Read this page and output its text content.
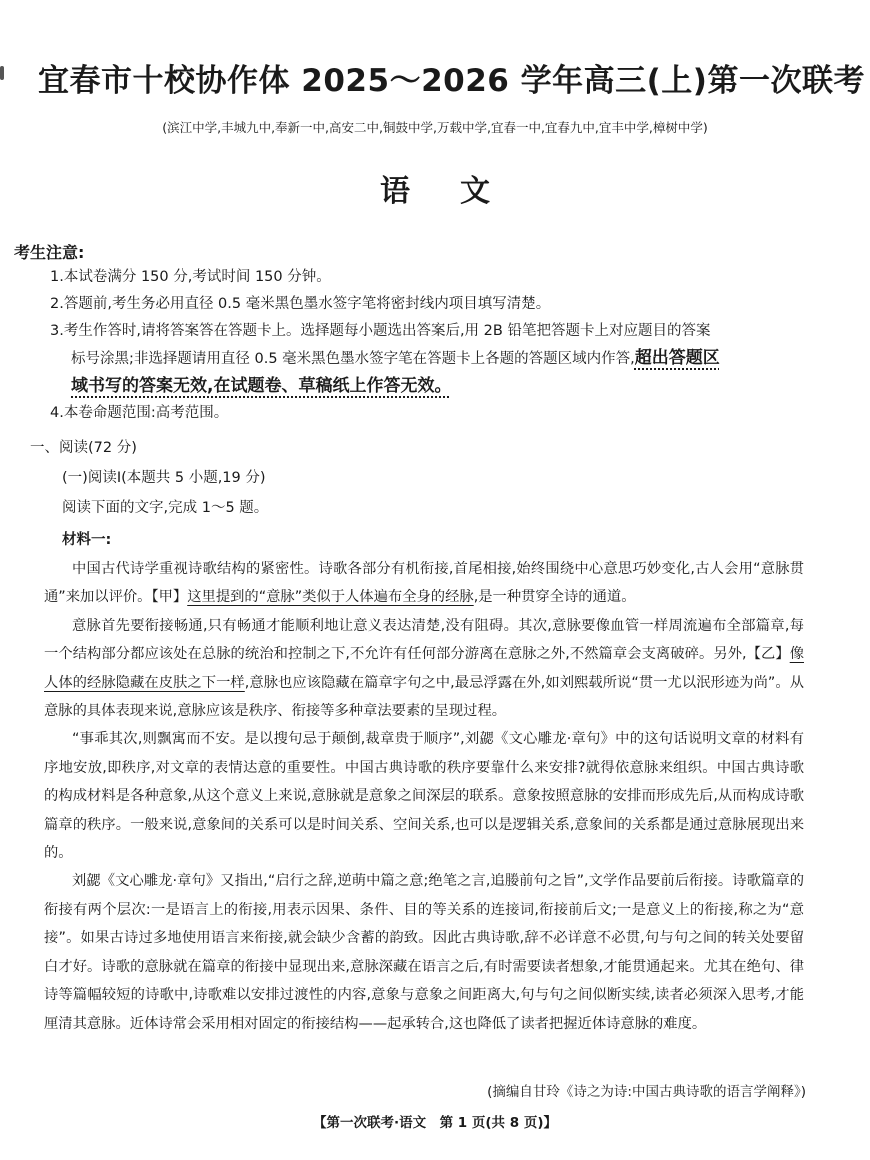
宜春市十校协作体 2025～2026 学年高三(上)第一次联考
(滨江中学,丰城九中,奉新一中,高安二中,铜鼓中学,万载中学,宜春一中,宜春九中,宜丰中学,樟树中学)
语文
考生注意:

1.本试卷满分 150 分,考试时间 150 分钟。

2.答题前,考生务必用直径 0.5 毫米黑色墨水签字笔将密封线内项目填写清楚。

3.考生作答时,请将答案答在答题卡上。选择题每小题选出答案后,用 2B 铅笔把答题卡上对应题目的答案

标号涂黑;非选择题请用直径 0.5 毫米黑色墨水签字笔在答题卡上各题的答题区域内作答,超出答题区

域书写的答案无效,在试题卷、草稿纸上作答无效。

4.本卷命题范围:高考范围。

一、阅读(72 分)
(一)阅读Ⅰ(本题共 5 小题,19 分)
阅读下面的文字,完成 1～5 题。
材料一:

中国古代诗学重视诗歌结构的紧密性。诗歌各部分有机衔接,首尾相接,始终围绕中心意思巧妙变化,古人会用“意脉贯通”来加以评价。【甲】这里提到的“意脉”类似于人体遍布全身的经脉,是一种贯穿全诗的通道。

意脉首先要衔接畅通,只有畅通才能顺利地让意义表达清楚,没有阻碍。其次,意脉要像血管一样周流遍布全部篇章,每一个结构部分都应该处在总脉的统治和控制之下,不允许有任何部分游离在意脉之外,不然篇章会支离破碎。另外,【乙】像人体的经脉隐藏在皮肤之下一样,意脉也应该隐藏在篇章字句之中,最忌浮露在外,如刘熙载所说“贯一尤以泯形迹为尚”。从意脉的具体表现来说,意脉应该是秩序、衔接等多种章法要素的呈现过程。

“事乖其次,则飘寓而不安。是以搜句忌于颠倒,裁章贵于顺序”,刘勰《文心雕龙·章句》中的这句话说明文章的材料有序地安放,即秩序,对文章的表情达意的重要性。中国古典诗歌的秩序要靠什么来安排?就得依意脉来组织。中国古典诗歌的构成材料是各种意象,从这个意义上来说,意脉就是意象之间深层的联系。意象按照意脉的安排而形成先后,从而构成诗歌篇章的秩序。一般来说,意象间的关系可以是时间关系、空间关系,也可以是逻辑关系,意象间的关系都是通过意脉展现出来的。

刘勰《文心雕龙·章句》又指出,“启行之辞,逆萌中篇之意;绝笔之言,追媵前句之旨”,文学作品要前后衔接。诗歌篇章的衔接有两个层次:一是语言上的衔接,用表示因果、条件、目的等关系的连接词,衔接前后文;一是意义上的衔接,称之为“意接”。如果古诗过多地使用语言来衔接,就会缺少含蓄的韵致。因此古典诗歌,辞不必详意不必贯,句与句之间的转关处要留白才好。诗歌的意脉就在篇章的衔接中显现出来,意脉深藏在语言之后,有时需要读者想象,才能贯通起来。尤其在绝句、律诗等篇幅较短的诗歌中,诗歌难以安排过渡性的内容,意象与意象之间距离大,句与句之间似断实续,读者必须深入思考,才能厘清其意脉。近体诗常会采用相对固定的衔接结构——起承转合,这也降低了读者把握近体诗意脉的难度。

(摘编自甘玲《诗之为诗:中国古典诗歌的语言学阐释》)
【第一次联考·语文　第 1 页(共 8 页)】
